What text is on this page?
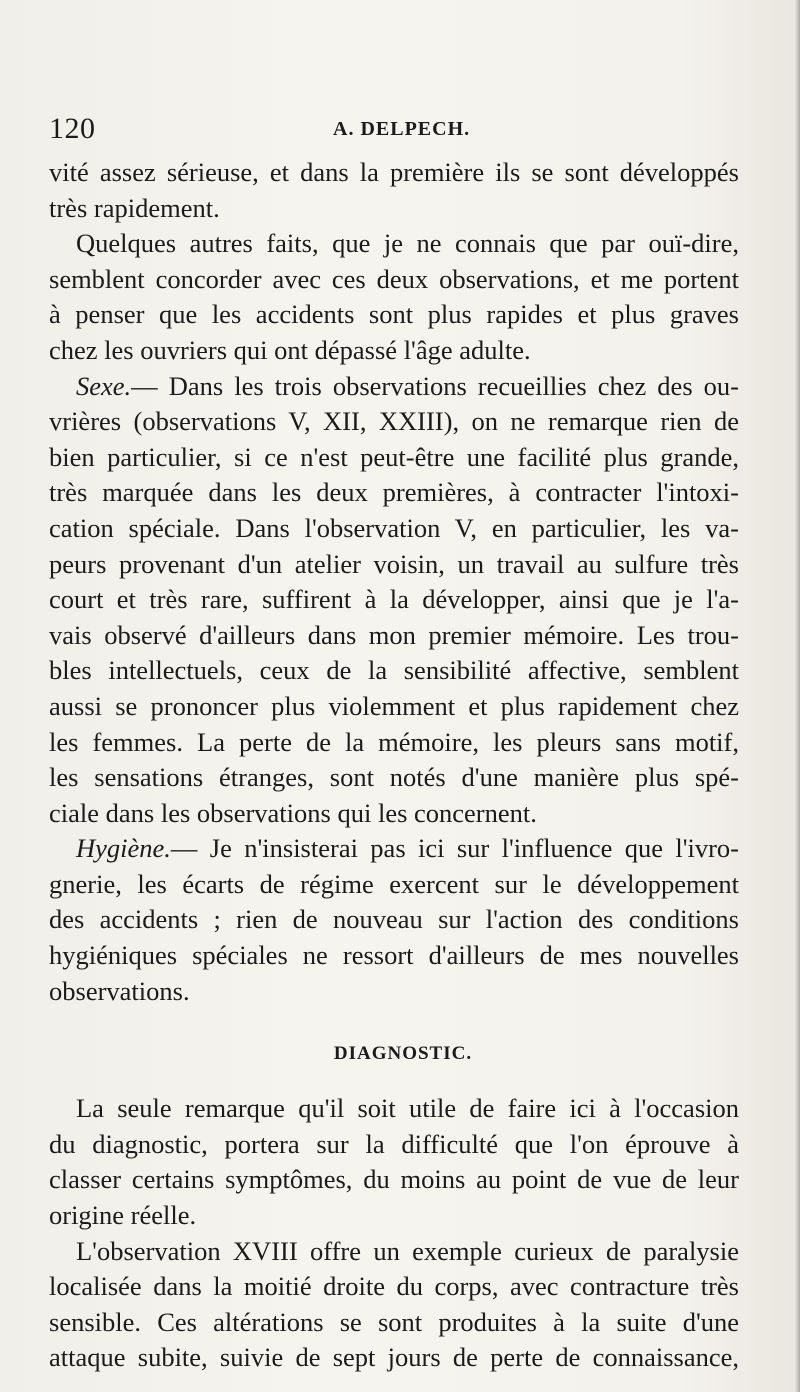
120	A. DELPECH.
vité assez sérieuse, et dans la première ils se sont développés
très rapidement.
Quelques autres faits, que je ne connais que par ouï-dire,
semblent concorder avec ces deux observations, et me portent
à penser que les accidents sont plus rapides et plus graves
chez les ouvriers qui ont dépassé l'âge adulte.
Sexe.— Dans les trois observations recueillies chez des ou-
vrières (observations V, XII, XXIII), on ne remarque rien de
bien particulier, si ce n'est peut-être une facilité plus grande,
très marquée dans les deux premières, à contracter l'intoxi-
cation spéciale. Dans l'observation V, en particulier, les va-
peurs provenant d'un atelier voisin, un travail au sulfure très
court et très rare, suffirent à la développer, ainsi que je l'a-
vais observé d'ailleurs dans mon premier mémoire. Les trou-
bles intellectuels, ceux de la sensibilité affective, semblent
aussi se prononcer plus violemment et plus rapidement chez
les femmes. La perte de la mémoire, les pleurs sans motif,
les sensations étranges, sont notés d'une manière plus spé-
ciale dans les observations qui les concernent.
Hygiène.— Je n'insisterai pas ici sur l'influence que l'ivro-
gnerie, les écarts de régime exercent sur le développement
des accidents ; rien de nouveau sur l'action des conditions
hygiéniques spéciales ne ressort d'ailleurs de mes nouvelles
observations.
DIAGNOSTIC.
La seule remarque qu'il soit utile de faire ici à l'occasion
du diagnostic, portera sur la difficulté que l'on éprouve à
classer certains symptômes, du moins au point de vue de leur
origine réelle.
L'observation XVIII offre un exemple curieux de paralysie
localisée dans la moitié droite du corps, avec contracture très
sensible. Ces altérations se sont produites à la suite d'une
attaque subite, suivie de sept jours de perte de connaissance,
